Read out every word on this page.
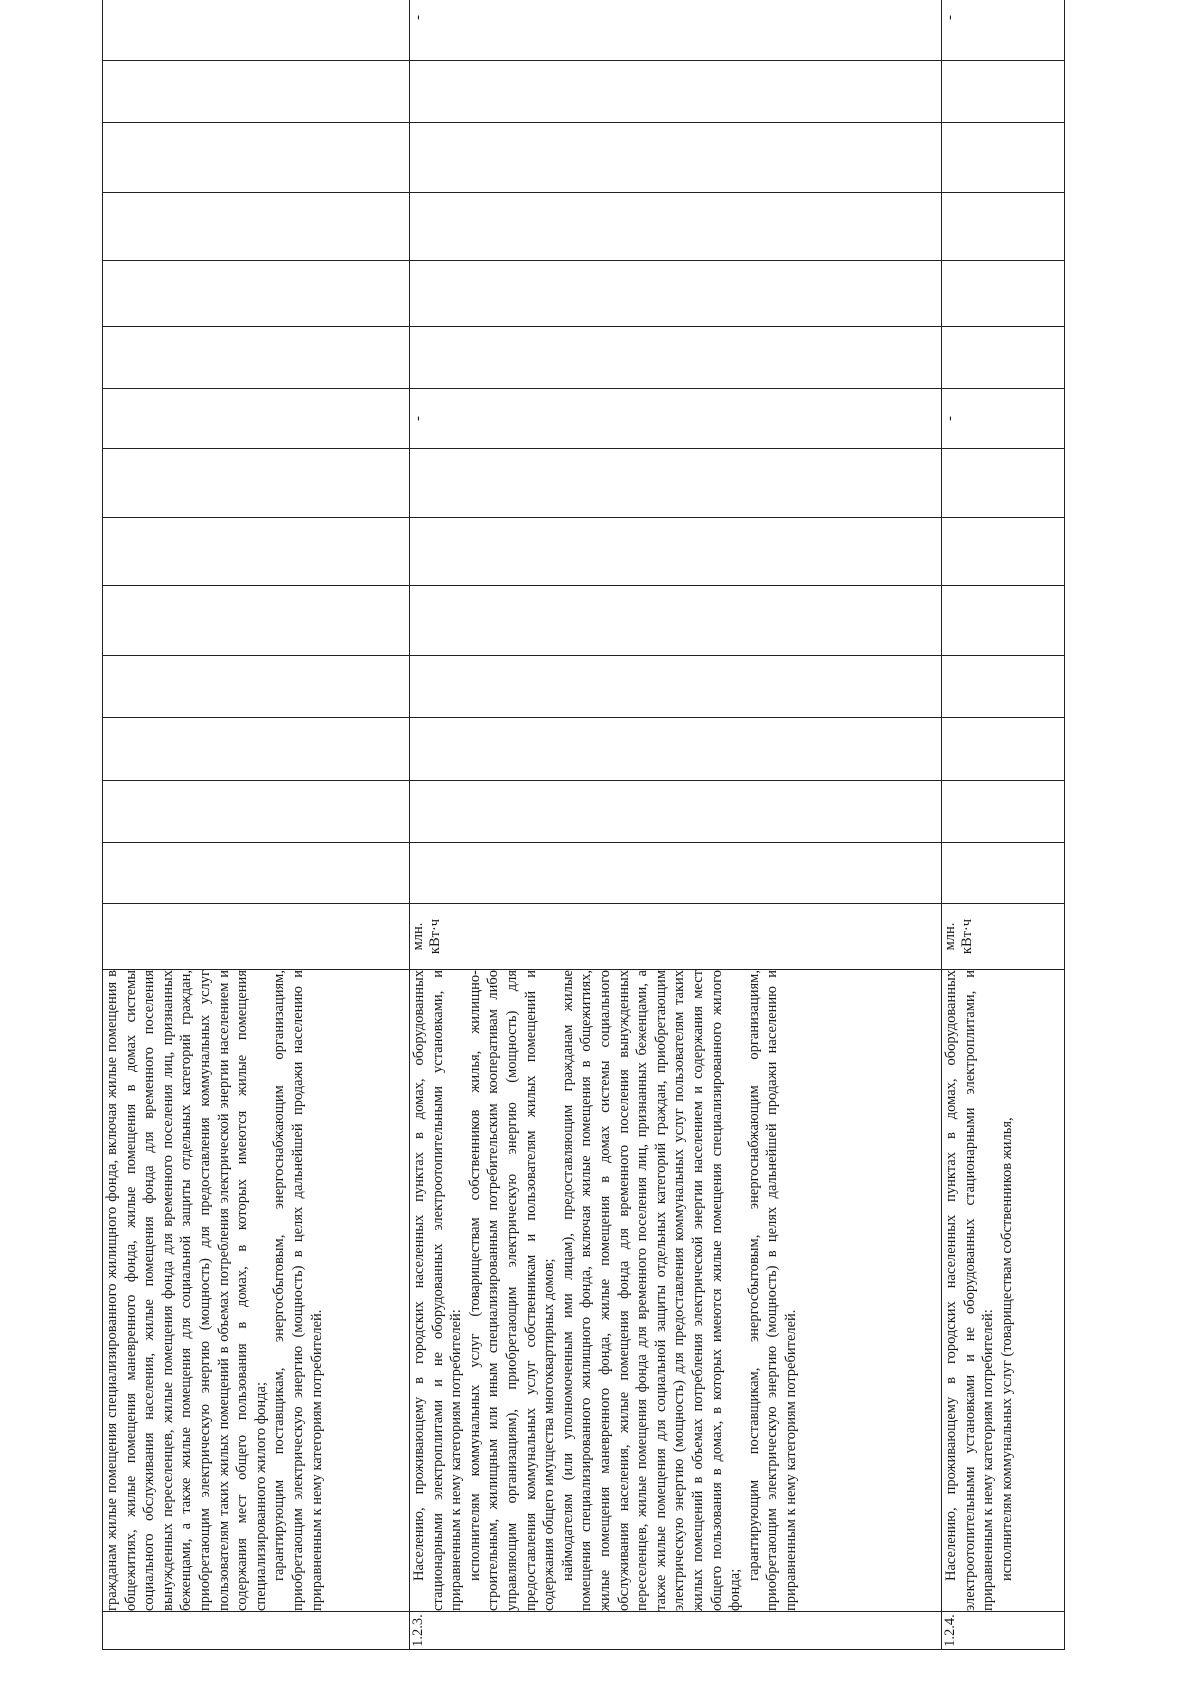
	гражданам жилые помещения специализированного жилищного фонда, включая жилые помещения в общежитиях, жилые помещения маневренного фонда, жилые помещения в домах системы социального обслуживания населения, жилые помещения фонда для временного поселения вынужденных переселенцев, жилые помещения фонда для временного поселения лиц, признанных беженцами, а также жилые помещения для социальной защиты отдельных категорий граждан, приобретающим электрическую энергию (мощность) для предоставления коммунальных услуг пользователям таких жилых помещений в объемах потребления электрической энергии населением и содержания мест общего пользования в домах, в которых имеются жилые помещения специализированного жилого фонда; гарантирующим поставщикам, энергосбытовым, энергоснабжающим организациям, приобретающим электрическую энергию (мощность) в целях дальнейшей продажи населению и приравненным к нему категориям потребителей.															

1.2.3.	Населению, проживающему в городских населенных пунктах в домах, оборудованных стационарными электроплитами и не оборудованных электроотопительными установками, и приравненным к нему категориям потребителей: исполнителям коммунальных услуг (товариществам собственников жилья, жилищно-строительным, жилищным или иным специализированным потребительским кооперативам либо управляющим организациям), приобретающим электрическую энергию (мощность) для предоставления коммунальных услуг собственникам и пользователям жилых помещений и содержания общего имущества многоквартирных домов; наймодателям (или уполномоченным ими лицам), предоставляющим гражданам жилые помещения специализированного жилищного фонда, включая жилые помещения в общежитиях, жилые помещения маневренного фонда, жилые помещения в домах системы социального обслуживания населения, жилые помещения фонда для временного поселения вынужденных переселенцев, жилые помещения фонда для временного поселения лиц, признанных беженцами, а также жилые помещения для социальной защиты отдельных категорий граждан, приобретающим электрическую энергию (мощность) для предоставления коммунальных услуг пользователям таких жилых помещений в объемах потребления электрической энергии населением и содержания мест общего пользования в домах, в которых имеются жилые помещения специализированного жилого фонда;

гарантирующим поставщикам, энергосбытовым, энергоснабжающим организациям, приобретающим электрическую энергию (мощность) в целях дальнейшей продажи населению и приравненным к нему категориям потребителей.	млн. кВт·ч								-						-
1.2.4.	Населению, проживающему в городских населенных пунктах в домах, оборудованных электроотопительными установками и не оборудованных стационарными электроплитами, и приравненным к нему категориям потребителей: исполнителям коммунальных услуг (товариществам собственников жилья,	млн. кВт·ч								-						-
